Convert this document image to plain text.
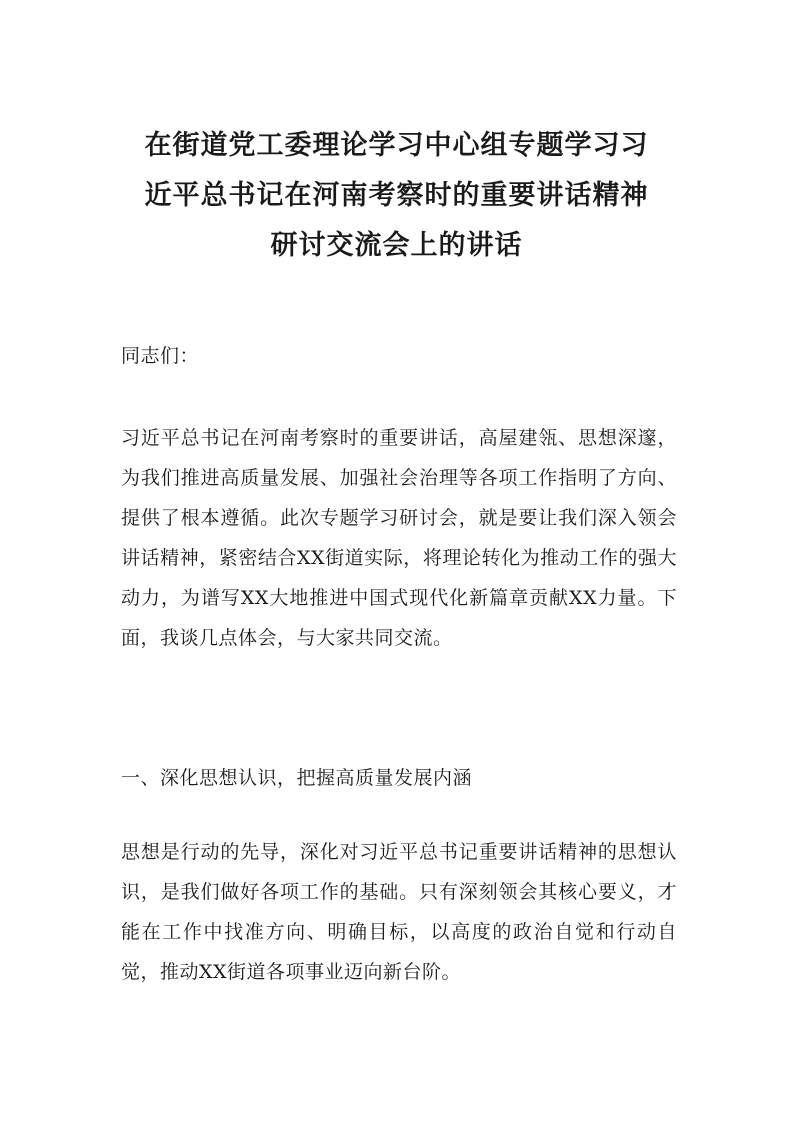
在街道党工委理论学习中心组专题学习习
近平总书记在河南考察时的重要讲话精神
研讨交流会上的讲话

同志们：

习近平总书记在河南考察时的重要讲话，高屋建瓴、思想深邃，为我们推进高质量发展、加强社会治理等各项工作指明了方向、提供了根本遵循。此次专题学习研讨会，就是要让我们深入领会讲话精神，紧密结合XX街道实际，将理论转化为推动工作的强大动力，为谱写XX大地推进中国式现代化新篇章贡献XX力量。下面，我谈几点体会，与大家共同交流。

一、深化思想认识，把握高质量发展内涵

思想是行动的先导，深化对习近平总书记重要讲话精神的思想认识，是我们做好各项工作的基础。只有深刻领会其核心要义，才能在工作中找准方向、明确目标，以高度的政治自觉和行动自觉，推动XX街道各项事业迈向新台阶。
